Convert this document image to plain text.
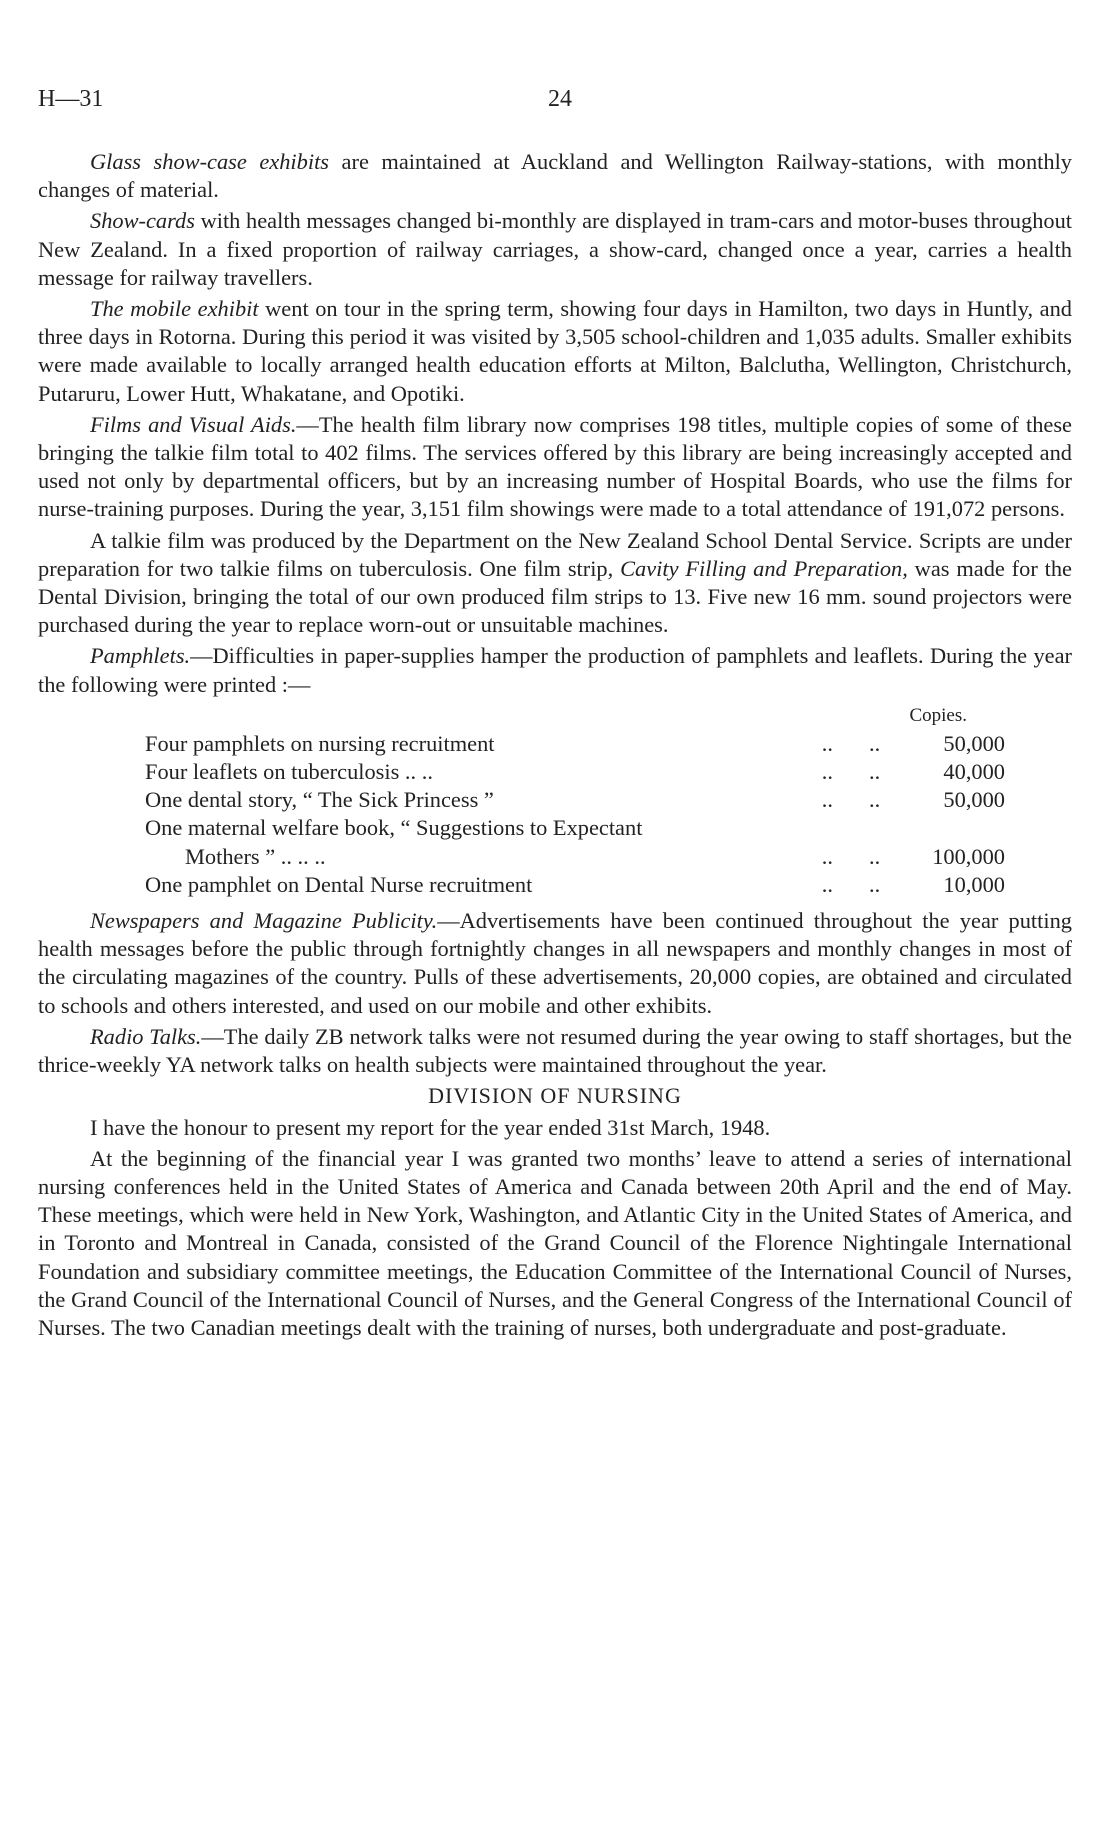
H—31	24

Glass show-case exhibits are maintained at Auckland and Wellington Railway-stations, with monthly changes of material.

Show-cards with health messages changed bi-monthly are displayed in tram-cars and motor-buses throughout New Zealand. In a fixed proportion of railway carriages, a show-card, changed once a year, carries a health message for railway travellers.

The mobile exhibit went on tour in the spring term, showing four days in Hamilton, two days in Huntly, and three days in Rotorna. During this period it was visited by 3,505 school-children and 1,035 adults. Smaller exhibits were made available to locally arranged health education efforts at Milton, Balclutha, Wellington, Christchurch, Putaruru, Lower Hutt, Whakatane, and Opotiki.

Films and Visual Aids.—The health film library now comprises 198 titles, multiple copies of some of these bringing the talkie film total to 402 films. The services offered by this library are being increasingly accepted and used not only by departmental officers, but by an increasing number of Hospital Boards, who use the films for nurse-training purposes. During the year, 3,151 film showings were made to a total attendance of 191,072 persons.

A talkie film was produced by the Department on the New Zealand School Dental Service. Scripts are under preparation for two talkie films on tuberculosis. One film strip, Cavity Filling and Preparation, was made for the Dental Division, bringing the total of our own produced film strips to 13. Five new 16 mm. sound projectors were purchased during the year to replace worn-out or unsuitable machines.

Pamphlets.—Difficulties in paper-supplies hamper the production of pamphlets and leaflets. During the year the following were printed :—

Copies.
Four pamphlets on nursing recruitment	..	..	50,000
Four leaflets on tuberculosis .. ..	..	..	40,000
One dental story, “ The Sick Princess ”	..	..	50,000
One maternal welfare book, “ Suggestions to Expectant			
Mothers ” .. .. ..	..	..	100,000
One pamphlet on Dental Nurse recruitment	..	..	10,000

Newspapers and Magazine Publicity.—Advertisements have been continued throughout the year putting health messages before the public through fortnightly changes in all newspapers and monthly changes in most of the circulating magazines of the country. Pulls of these advertisements, 20,000 copies, are obtained and circulated to schools and others interested, and used on our mobile and other exhibits.

Radio Talks.—The daily ZB network talks were not resumed during the year owing to staff shortages, but the thrice-weekly YA network talks on health subjects were maintained throughout the year.

DIVISION OF NURSING

I have the honour to present my report for the year ended 31st March, 1948.

At the beginning of the financial year I was granted two months’ leave to attend a series of international nursing conferences held in the United States of America and Canada between 20th April and the end of May. These meetings, which were held in New York, Washington, and Atlantic City in the United States of America, and in Toronto and Montreal in Canada, consisted of the Grand Council of the Florence Nightingale International Foundation and subsidiary committee meetings, the Education Committee of the International Council of Nurses, the Grand Council of the International Council of Nurses, and the General Congress of the International Council of Nurses. The two Canadian meetings dealt with the training of nurses, both undergraduate and post-graduate.
